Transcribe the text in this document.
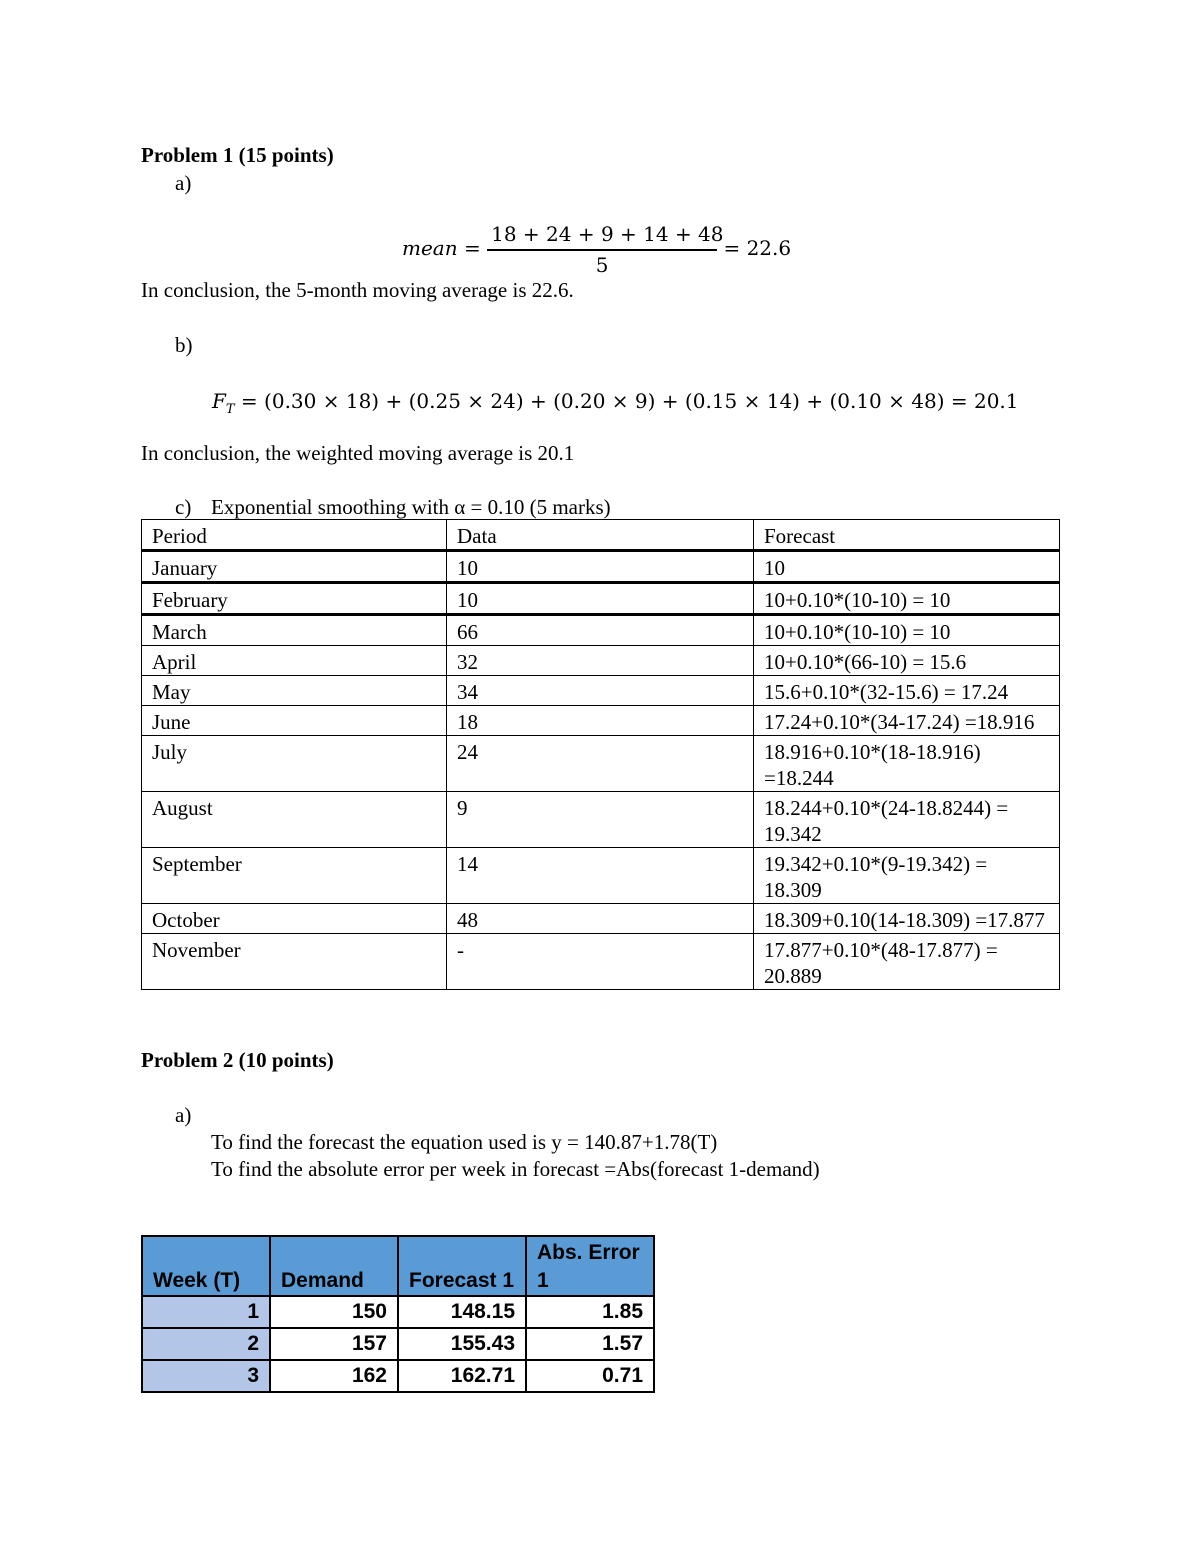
Problem 1 (15 points)
a)
mean = $\frac{18 + 24 + 9 + 14 + 48}{5} = 22.6$
In conclusion, the 5-month moving average is 22.6.
b)
$F_T = (0.30 \times 18) + (0.25 \times 24) + (0.20 \times 9) + (0.15 \times 14) + (0.10 \times 48) = 20.1$
In conclusion, the weighted moving average is 20.1
c) Exponential smoothing with α = 0.10 (5 marks)
Period	Data	Forecast
January	10	10
February	10	10+0.10*(10-10) = 10
March	66	10+0.10*(10-10) = 10
April	32	10+0.10*(66-10) = 15.6
May	34	15.6+0.10*(32-15.6) = 17.24
June	18	17.24+0.10*(34-17.24) =18.916
July	24	18.916+0.10*(18-18.916) =18.244
August	9	18.244+0.10*(24-18.8244) = 19.342
September	14	19.342+0.10*(9-19.342) = 18.309
October	48	18.309+0.10(14-18.309) =17.877
November	-	17.877+0.10*(48-17.877) = 20.889
Problem 2 (10 points)
a)
To find the forecast the equation used is y = 140.87+1.78(T)
To find the absolute error per week in forecast =Abs(forecast 1-demand)
Week (T)	Demand	Forecast 1	Abs. Error 1
1	150	148.15	1.85
2	157	155.43	1.57
3	162	162.71	0.71
